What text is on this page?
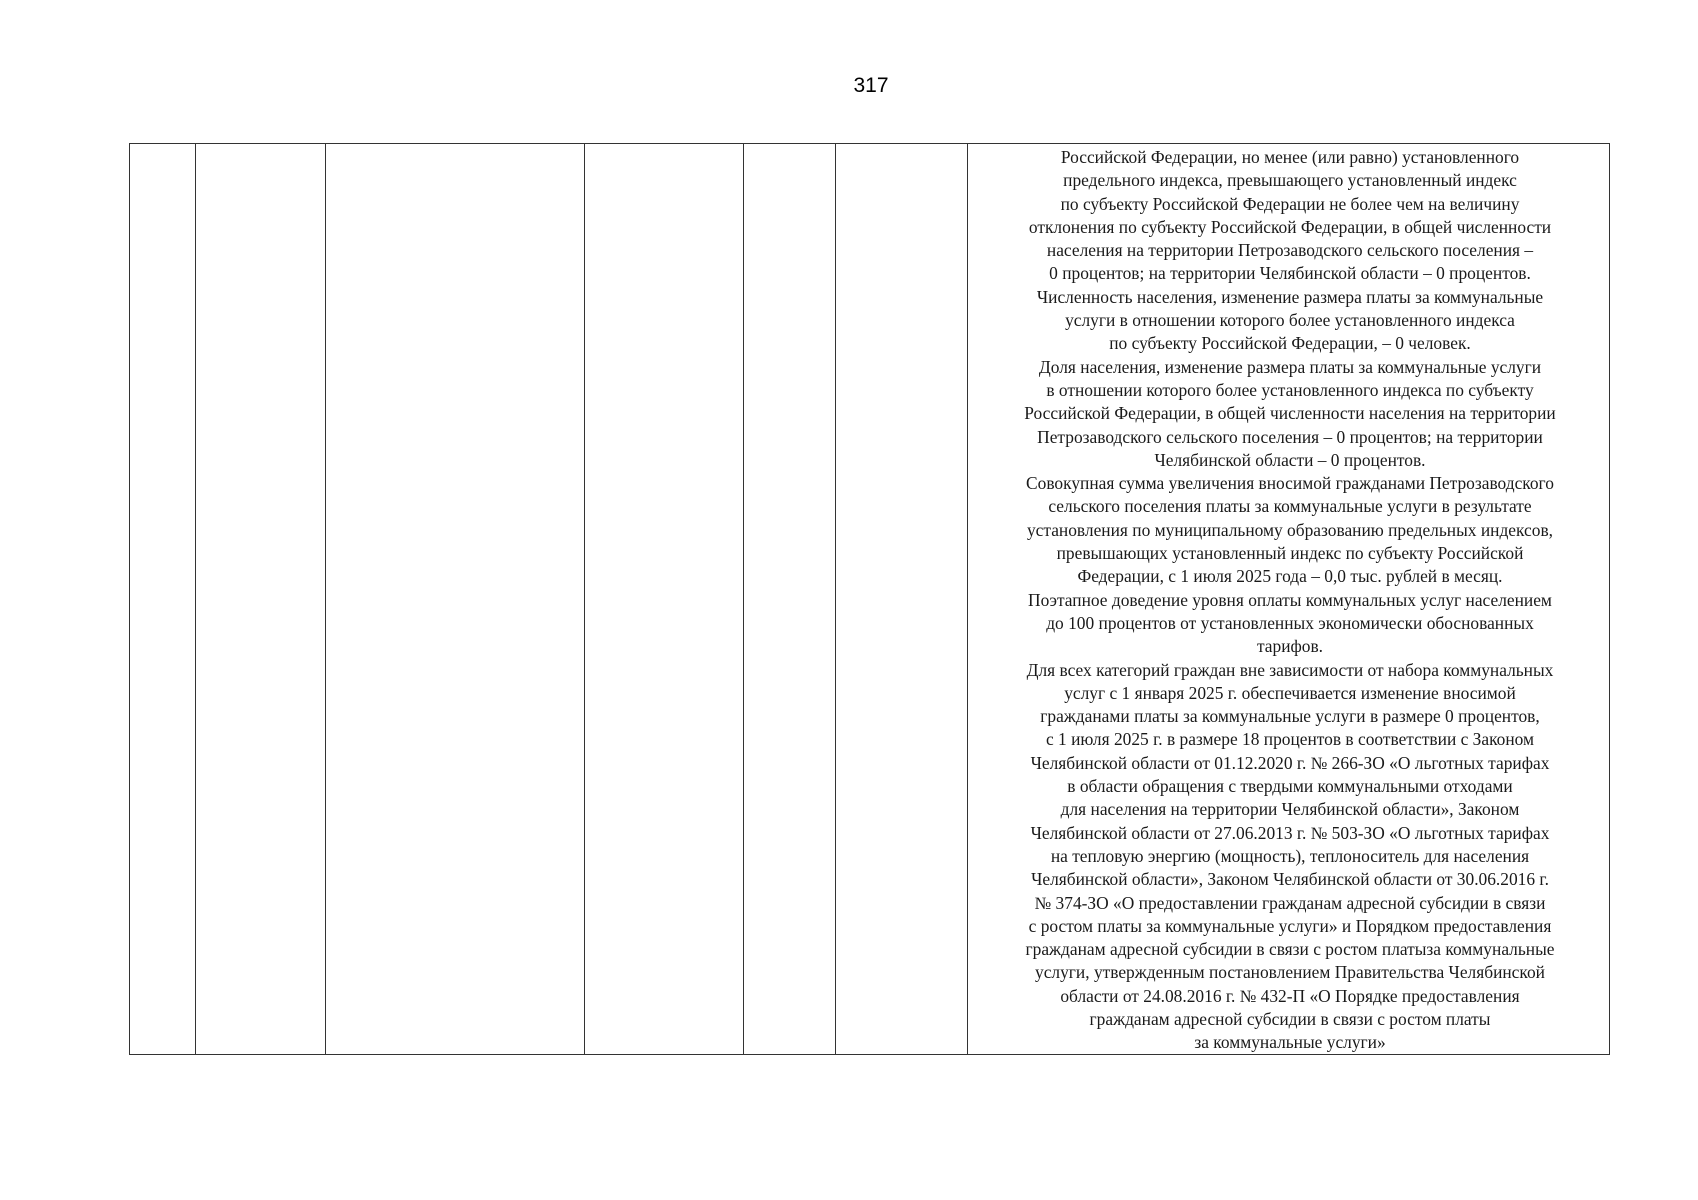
317
Российской Федерации, но менее (или равно) установленного
предельного индекса, превышающего установленный индекс
по субъекту Российской Федерации не более чем на величину
отклонения по субъекту Российской Федерации, в общей численности
населения на территории Петрозаводского сельского поселения –
0 процентов; на территории Челябинской области – 0 процентов.
Численность населения, изменение размера платы за коммунальные
услуги в отношении которого более установленного индекса
по субъекту Российской Федерации, – 0 человек.
Доля населения, изменение размера платы за коммунальные услуги
в отношении которого более установленного индекса по субъекту
Российской Федерации, в общей численности населения на территории
Петрозаводского сельского поселения – 0 процентов; на территории
Челябинской области – 0 процентов.
Совокупная сумма увеличения вносимой гражданами Петрозаводского
сельского поселения платы за коммунальные услуги в результате
установления по муниципальному образованию предельных индексов,
превышающих установленный индекс по субъекту Российской
Федерации, с 1 июля 2025 года – 0,0 тыс. рублей в месяц.
Поэтапное доведение уровня оплаты коммунальных услуг населением
до 100 процентов от установленных экономически обоснованных
тарифов.
Для всех категорий граждан вне зависимости от набора коммунальных
услуг с 1 января 2025 г. обеспечивается изменение вносимой
гражданами платы за коммунальные услуги в размере 0 процентов,
с 1 июля 2025 г. в размере 18 процентов в соответствии с Законом
Челябинской области от 01.12.2020 г. № 266-ЗО «О льготных тарифах
в области обращения с твердыми коммунальными отходами
для населения на территории Челябинской области», Законом
Челябинской области от 27.06.2013 г. № 503-ЗО «О льготных тарифах
на тепловую энергию (мощность), теплоноситель для населения
Челябинской области», Законом Челябинской области от 30.06.2016 г.
№ 374-ЗО «О предоставлении гражданам адресной субсидии в связи
с ростом платы за коммунальные услуги» и Порядком предоставления
гражданам адресной субсидии в связи с ростом платыза коммунальные
услуги, утвержденным постановлением Правительства Челябинской
области от 24.08.2016 г. № 432-П «О Порядке предоставления
гражданам адресной субсидии в связи с ростом платы
за коммунальные услуги»
